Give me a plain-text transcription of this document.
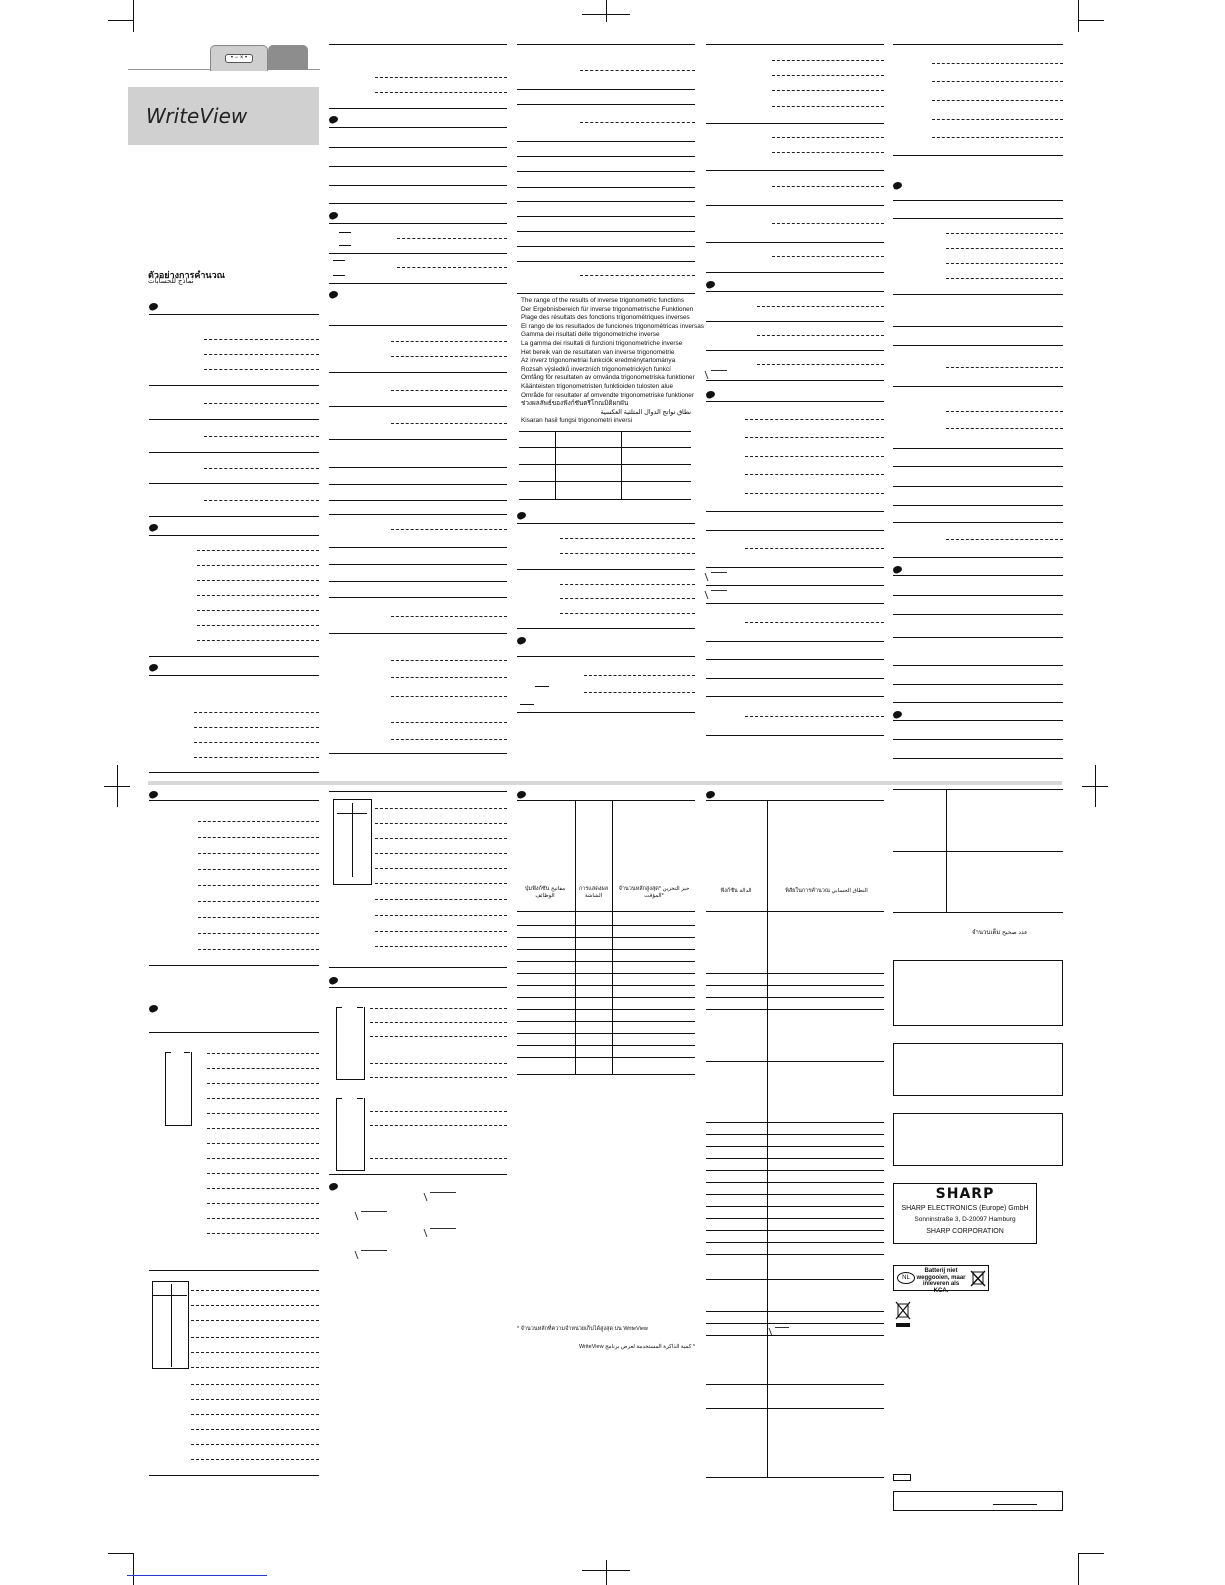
• − × •
WriteView
ตัวอย่างการคำนวณ
نماذج للحسابات
The range of the results of inverse trigonometric functions
Der Ergebnisbereich für inverse trigonometrische Funktionen
Plage des résultats des fonctions trigonométriques inverses
El rango de los resultados de funciones trigonométricas inversas
Gamma dei risultati delle trigonometriche inverse
La gamma dei risultati di funzioni trigonometriche inverse
Het bereik van de resultaten van inverse trigonometrie
Az inverz trigonometriai funkciók eredménytartománya
Rozsah výsledků inverzních trigonometrických funkcí
Omfång för resultaten av omvända trigonometriska funktioner
Käänteisten trigonometristen funktioiden tulosten alue
Område for resultater af omvendte trigonometriske funktioner
ช่วงผลลัพธ์ของฟังก์ชันตรีโกณมิติผกผัน
نطاق نواتج الدوال المثلثية العكسية
Kisaran hasil fungsi trigonometri inversi
ปุ่มฟังก์ชัน مفاتيح الوظائف
การแสดงผล الشاشة
จำนวนหลักสูงสุด* حيز التخزين المؤقت*
* จำนวนหลักที่ความจำหน่วยเก็บได้สูงสุด บน WriteView
* كمية الذاكرة المستخدمة لعرض برنامج WriteView
ฟังก์ชัน الدالة	พิสัยในการคำนวณ النطاق الحسابي
จำนวนเต็ม عدد صحيح
SHARP
SHARP ELECTRONICS (Europe) GmbH
Sonninstraße 3, D-20097 Hamburg
SHARP CORPORATION
NL
Batterij niet
weggooien, maar
inleveren als KCA.
